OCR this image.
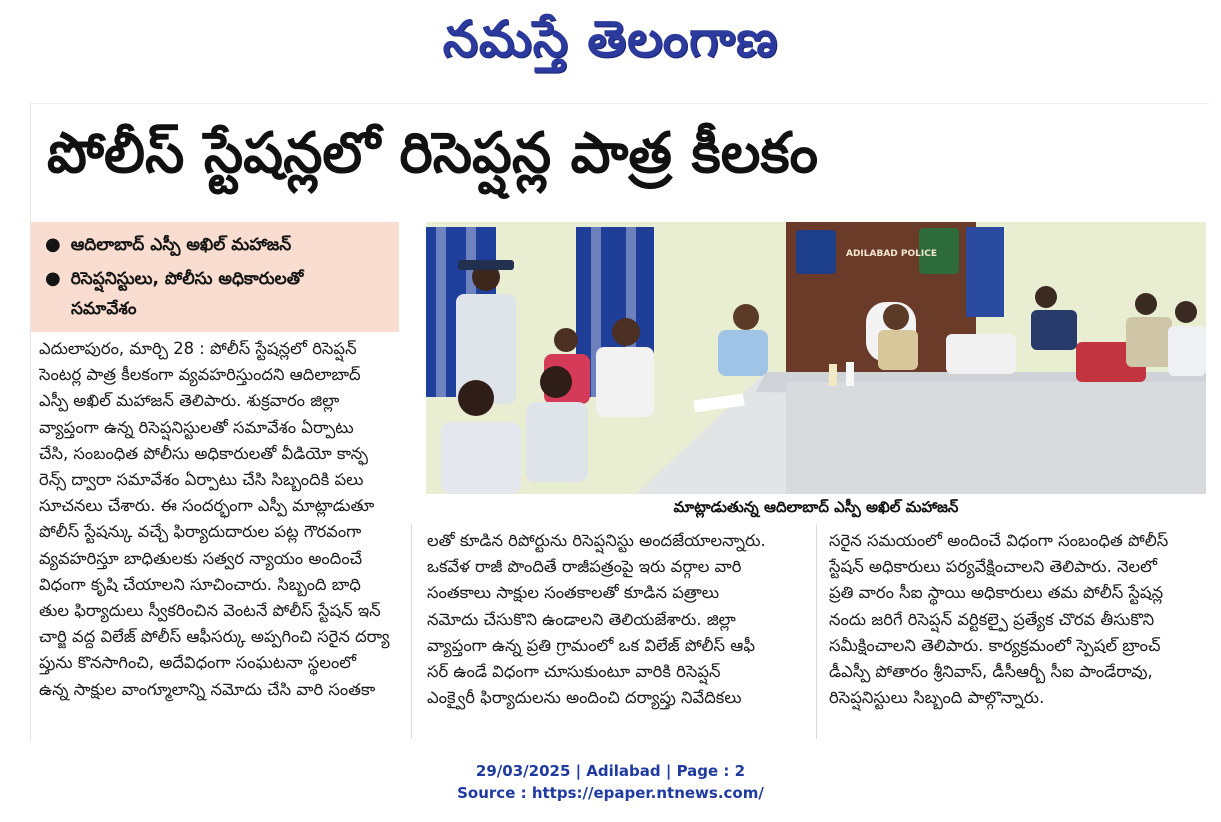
నమస్తే తెలంగాణ
పోలీస్ స్టేషన్లలో రిసెప్షన్ల పాత్ర కీలకం
● ఆదిలాబాద్ ఎస్పీ అఖిల్ మహాజన్
● రిసెప్షనిస్టులు, పోలీసు అధికారులతో
సమావేశం
ఎదులాపురం, మార్చి 28 : పోలీస్ స్టేషన్లలో రిసెప్షన్
సెంటర్ల పాత్ర కీలకంగా వ్యవహరిస్తుందని ఆదిలాబాద్
ఎస్పీ అఖిల్ మహాజన్ తెలిపారు. శుక్రవారం జిల్లా
వ్యాప్తంగా ఉన్న రిసెప్షనిస్టులతో సమావేశం ఏర్పాటు
చేసి, సంబంధిత పోలీసు అధికారులతో వీడియో కాన్ఫ
రెన్స్ ద్వారా సమావేశం ఏర్పాటు చేసి సిబ్బందికి పలు
సూచనలు చేశారు. ఈ సందర్భంగా ఎస్పీ మాట్లాడుతూ
పోలీస్ స్టేషన్కు వచ్చే ఫిర్యాదుదారుల పట్ల గౌరవంగా
వ్యవహరిస్తూ బాధితులకు సత్వర న్యాయం అందించే
విధంగా కృషి చేయాలని సూచించారు. సిబ్బంది బాధి
తుల ఫిర్యాదులు స్వీకరించిన వెంటనే పోలీస్ స్టేషన్ ఇన్
చార్జి వద్ద విలేజ్ పోలీస్ ఆఫీసర్కు అప్పగించి సరైన దర్యా
ప్తును కొనసాగించి, అదేవిధంగా సంఘటనా స్థలంలో
ఉన్న సాక్షుల వాంగ్మూలాన్ని నమోదు చేసి వారి సంతకా
ADILABAD POLICE
మాట్లాడుతున్న ఆదిలాబాద్ ఎస్పీ అఖిల్ మహాజన్
లతో కూడిన రిపోర్టును రిసెప్షనిస్టు అందజేయాలన్నారు.
ఒకవేళ రాజీ పొందితే రాజీపత్రంపై ఇరు వర్గాల వారి
సంతకాలు సాక్షుల సంతకాలతో కూడిన పత్రాలు
నమోదు చేసుకొని ఉండాలని తెలియజేశారు. జిల్లా
వ్యాప్తంగా ఉన్న ప్రతి గ్రామంలో ఒక విలేజ్ పోలీస్ ఆఫీ
సర్ ఉండే విధంగా చూసుకుంటూ వారికి రిసెప్షన్
ఎంక్వైరీ ఫిర్యాదులను అందించి దర్యాప్తు నివేదికలు
సరైన సమయంలో అందించే విధంగా సంబంధిత పోలీస్
స్టేషన్ అధికారులు పర్యవేక్షించాలని తెలిపారు. నెలలో
ప్రతి వారం సీఐ స్థాయి అధికారులు తమ పోలీస్ స్టేషన్ల
నందు జరిగే రిసెప్షన్ వర్టికల్పై ప్రత్యేక చొరవ తీసుకొని
సమీక్షించాలని తెలిపారు. కార్యక్రమంలో స్పెషల్ బ్రాంచ్
డీఎస్పీ పోతారం శ్రీనివాస్, డీసీఆర్బీ సీఐ పాండేరావు,
రిసెప్షనిస్టులు సిబ్బంది పాల్గొన్నారు.
29/03/2025 | Adilabad | Page : 2
Source : https://epaper.ntnews.com/
